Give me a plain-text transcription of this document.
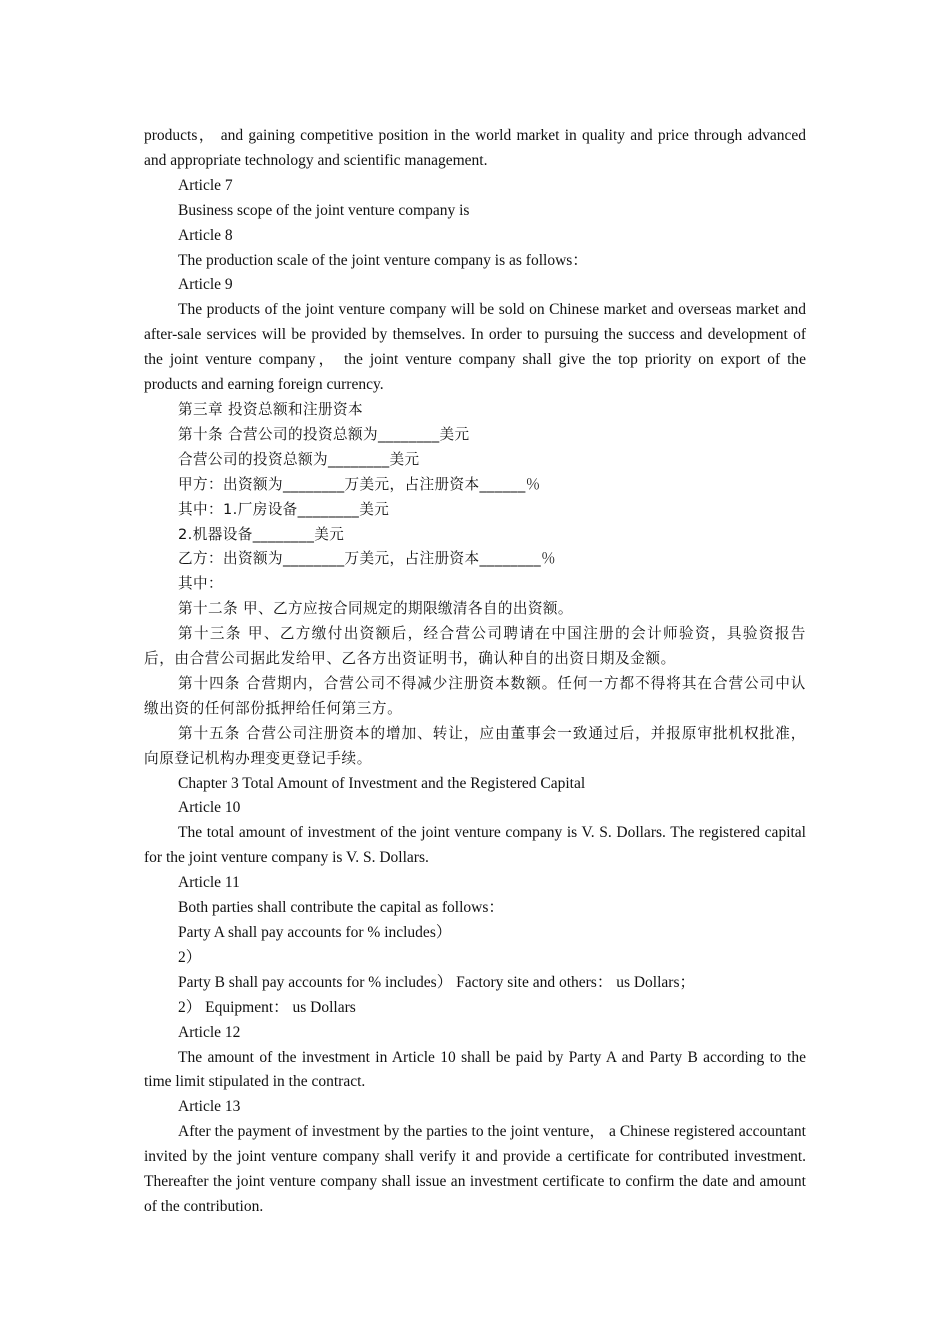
products， and gaining competitive position in the world market in quality and price through advanced and appropriate technology and scientific management.

Article 7

Business scope of the joint venture company is

Article 8

The production scale of the joint venture company is as follows：

Article 9

The products of the joint venture company will be sold on Chinese market and overseas market and after-sale services will be provided by themselves. In order to pursuing the success and development of the joint venture company， the joint venture company shall give the top priority on export of the products and earning foreign currency.

第三章 投资总额和注册资本

第十条 合营公司的投资总额为________美元

合营公司的投资总额为________美元

甲方：出资额为________万美元，占注册资本______％

其中：1.厂房设备________美元

2.机器设备________美元

乙方：出资额为________万美元，占注册资本________％

其中：

第十二条 甲、乙方应按合同规定的期限缴清各自的出资额。

第十三条 甲、乙方缴付出资额后，经合营公司聘请在中国注册的会计师验资，具验资报告后，由合营公司据此发给甲、乙各方出资证明书，确认种自的出资日期及金额。

第十四条 合营期内，合营公司不得减少注册资本数额。任何一方都不得将其在合营公司中认缴出资的任何部份抵押给任何第三方。

第十五条 合营公司注册资本的增加、转让，应由董事会一致通过后，并报原审批机权批准，向原登记机构办理变更登记手续。

Chapter 3 Total Amount of Investment and the Registered Capital

Article 10

The total amount of investment of the joint venture company is V. S. Dollars. The registered capital for the joint venture company is V. S. Dollars.

Article 11

Both parties shall contribute the capital as follows：

Party A shall pay accounts for % includes）

2）

Party B shall pay accounts for % includes） Factory site and others： us Dollars；

2） Equipment： us Dollars

Article 12

The amount of the investment in Article 10 shall be paid by Party A and Party B according to the time limit stipulated in the contract.

Article 13

After the payment of investment by the parties to the joint venture， a Chinese registered accountant invited by the joint venture company shall verify it and provide a certificate for contributed investment. Thereafter the joint venture company shall issue an investment certificate to confirm the date and amount of the contribution.
